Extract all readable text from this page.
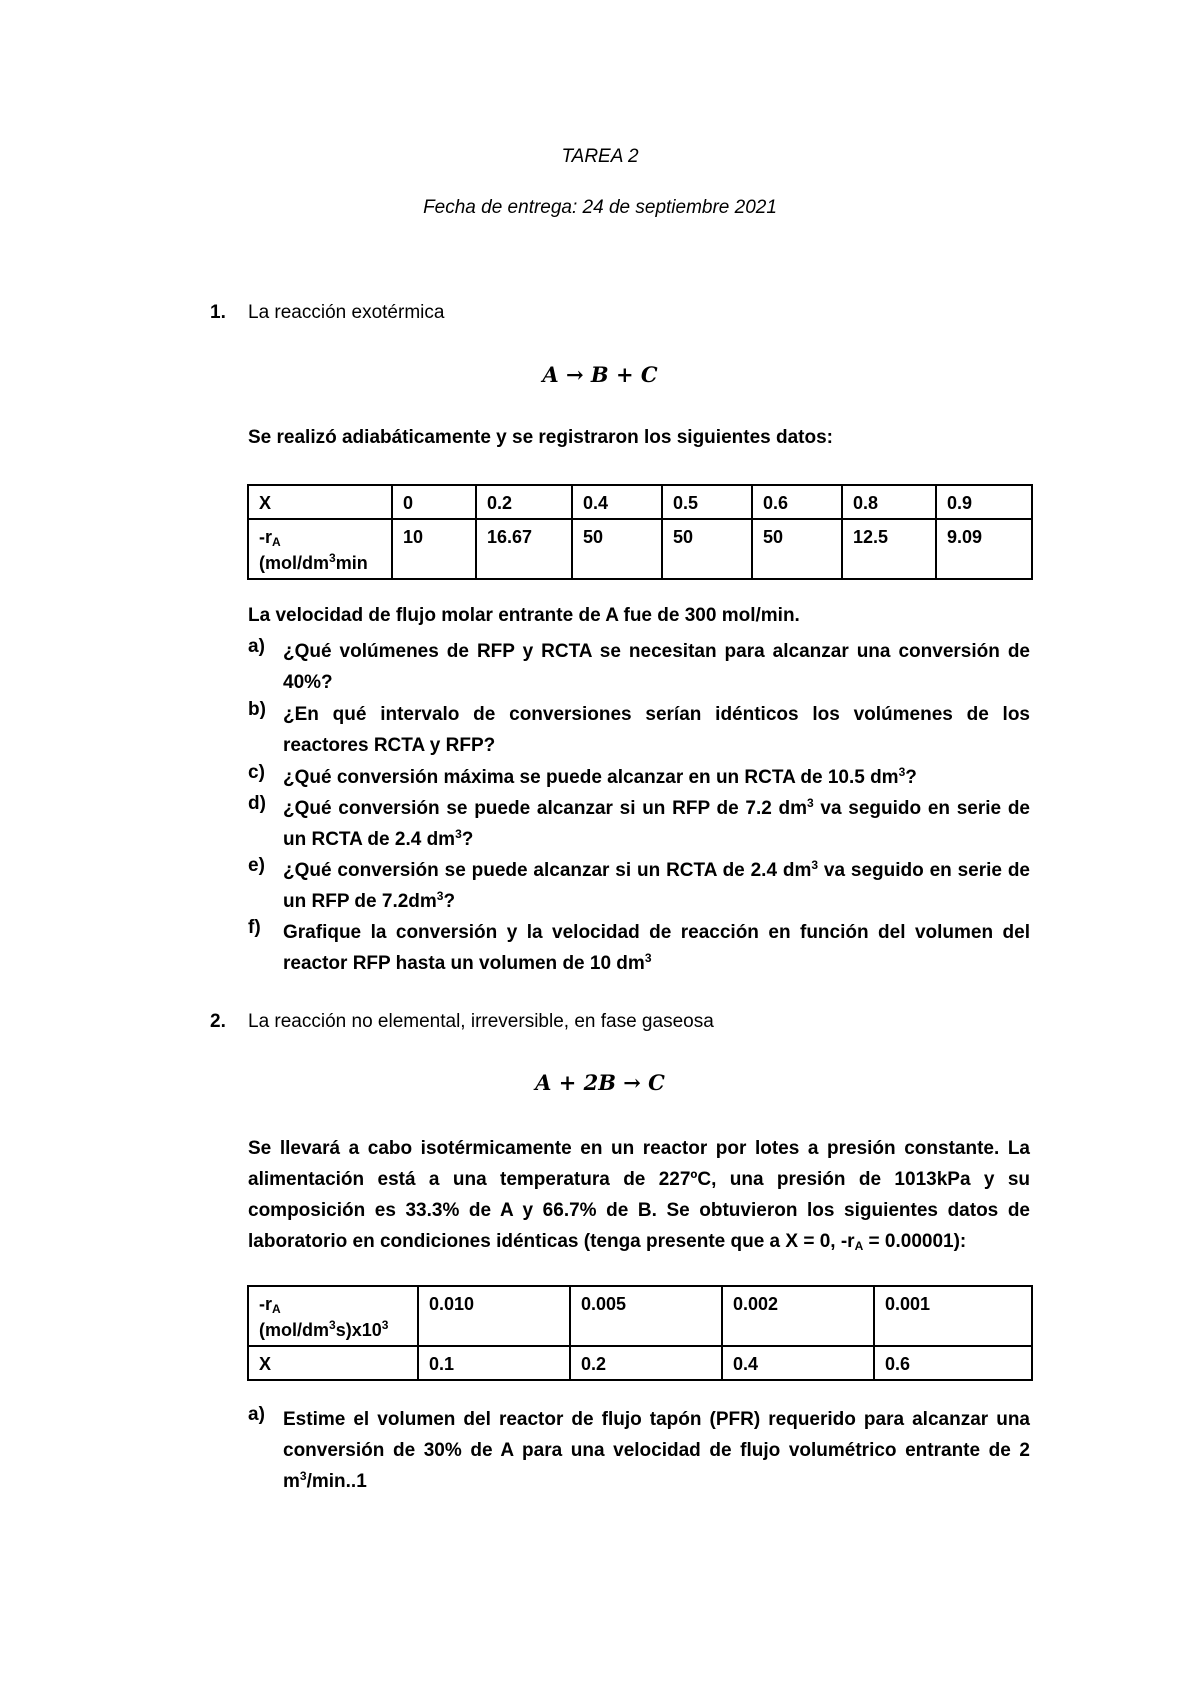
TAREA 2
Fecha de entrega: 24 de septiembre 2021
1. La reacción exotérmica
A → B + C
Se realizó adiabáticamente y se registraron los siguientes datos:
X	0	0.2	0.4	0.5	0.6	0.8	0.9
$-r_A$
($mol/dm^3\min$	10	16.67	50	50	50	12.5	9.09
La velocidad de flujo molar entrante de A fue de 300 mol/min.
a) ¿Qué volúmenes de RFP y RCTA se necesitan para alcanzar una conversión de 40%?
b) ¿En qué intervalo de conversiones serían idénticos los volúmenes de los reactores RCTA y RFP?
c) ¿Qué conversión máxima se puede alcanzar en un RCTA de 10.5 $dm^3$?
d) ¿Qué conversión se puede alcanzar si un RFP de 7.2 $dm^3$ va seguido en serie de un RCTA de 2.4 $dm^3$?
e) ¿Qué conversión se puede alcanzar si un RCTA de 2.4 $dm^3$ va seguido en serie de un RFP de $7.2dm^3$?
f) Grafique la conversión y la velocidad de reacción en función del volumen del reactor RFP hasta un volumen de 10 $dm^3$
2. La reacción no elemental, irreversible, en fase gaseosa
A + 2B → C
Se llevará a cabo isotérmicamente en un reactor por lotes a presión constante. La alimentación está a una temperatura de 227ºC, una presión de 1013kPa y su composición es 33.3% de A y 66.7% de B. Se obtuvieron los siguientes datos de laboratorio en condiciones idénticas (tenga presente que a X = 0, $-r_A = 0.00001$):
$-r_A$
$(mol/dm^3s)x10^3$	0.010	0.005	0.002	0.001
X	0.1	0.2	0.4	0.6
a) Estime el volumen del reactor de flujo tapón (PFR) requerido para alcanzar una conversión de 30% de A para una velocidad de flujo volumétrico entrante de 2 $m^3/\min..1$
